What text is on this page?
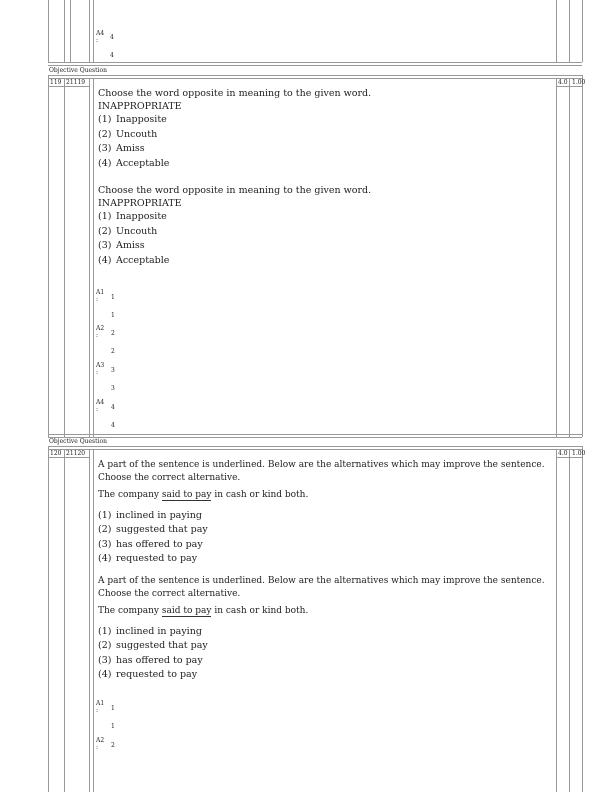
A4
4
:
4
Objective Question
119 21119	4.0 1.00
Choose the word opposite in meaning to the given word.
INAPPROPRIATE
(1) Inapposite
(2) Uncouth
(3) Amiss
(4) Acceptable
Choose the word opposite in meaning to the given word.
INAPPROPRIATE
(1) Inapposite
(2) Uncouth
(3) Amiss
(4) Acceptable
A1
1
:
1
A2
2
:
2
A3
3
:
3
A4
4
:
4
Objective Question
120 21120	4.0 1.00
A part of the sentence is underlined. Below are the alternatives which may improve the sentence.
Choose the correct alternative.
The company said to pay in cash or kind both.
(1) inclined in paying
(2) suggested that pay
(3) has offered to pay
(4) requested to pay
A part of the sentence is underlined. Below are the alternatives which may improve the sentence.
Choose the correct alternative.
The company said to pay in cash or kind both.
(1) inclined in paying
(2) suggested that pay
(3) has offered to pay
(4) requested to pay
A1
1
:
1
A2
2
:
